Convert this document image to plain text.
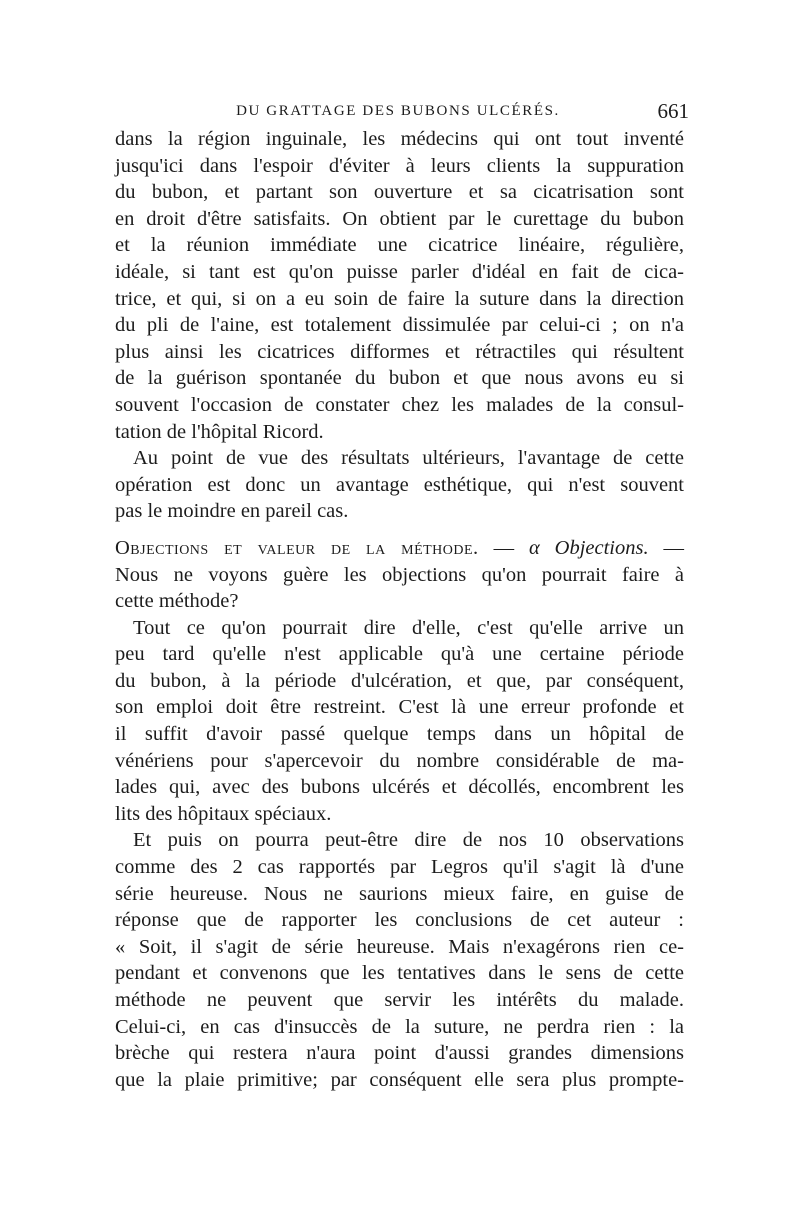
DU GRATTAGE DES BUBONS ULCÉRÉS.	661
dans la région inguinale, les médecins qui ont tout inventé
jusqu'ici dans l'espoir d'éviter à leurs clients la suppuration
du bubon, et partant son ouverture et sa cicatrisation sont
en droit d'être satisfaits. On obtient par le curettage du bubon
et la réunion immédiate une cicatrice linéaire, régulière,
idéale, si tant est qu'on puisse parler d'idéal en fait de cica-
trice, et qui, si on a eu soin de faire la suture dans la direction
du pli de l'aine, est totalement dissimulée par celui-ci ; on n'a
plus ainsi les cicatrices difformes et rétractiles qui résultent
de la guérison spontanée du bubon et que nous avons eu si
souvent l'occasion de constater chez les malades de la consul-
tation de l'hôpital Ricord.
Au point de vue des résultats ultérieurs, l'avantage de cette
opération est donc un avantage esthétique, qui n'est souvent
pas le moindre en pareil cas.
Objections et valeur de la méthode. — α Objections. —
Nous ne voyons guère les objections qu'on pourrait faire à
cette méthode?
Tout ce qu'on pourrait dire d'elle, c'est qu'elle arrive un
peu tard qu'elle n'est applicable qu'à une certaine période
du bubon, à la période d'ulcération, et que, par conséquent,
son emploi doit être restreint. C'est là une erreur profonde et
il suffit d'avoir passé quelque temps dans un hôpital de
vénériens pour s'apercevoir du nombre considérable de ma-
lades qui, avec des bubons ulcérés et décollés, encombrent les
lits des hôpitaux spéciaux.
Et puis on pourra peut-être dire de nos 10 observations
comme des 2 cas rapportés par Legros qu'il s'agit là d'une
série heureuse. Nous ne saurions mieux faire, en guise de
réponse que de rapporter les conclusions de cet auteur :
« Soit, il s'agit de série heureuse. Mais n'exagérons rien ce-
pendant et convenons que les tentatives dans le sens de cette
méthode ne peuvent que servir les intérêts du malade.
Celui-ci, en cas d'insuccès de la suture, ne perdra rien : la
brèche qui restera n'aura point d'aussi grandes dimensions
que la plaie primitive; par conséquent elle sera plus prompte-
